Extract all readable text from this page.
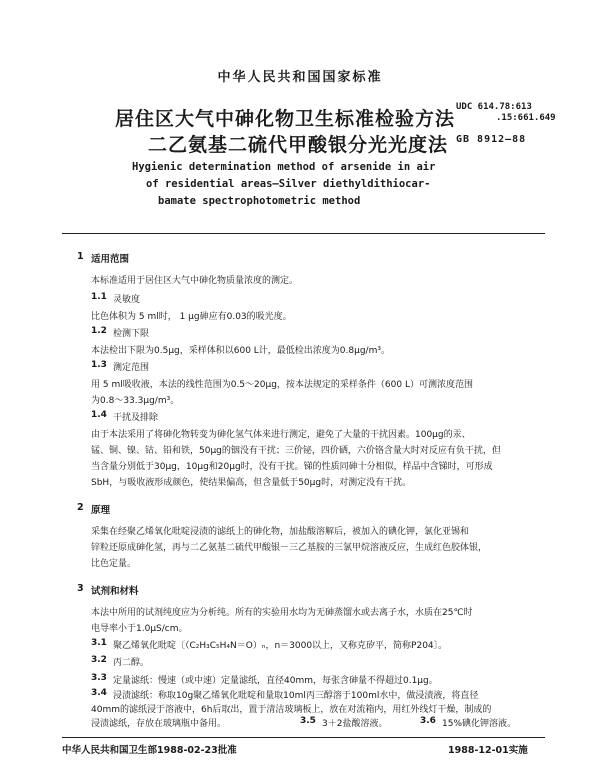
中华人民共和国国家标准
居住区大气中砷化物卫生标准检验方法
二乙氨基二硫代甲酸银分光光度法
UDC 614.78:613
.15:661.649
GB 8912—88
Hygienic determination method of arsenide in air
of residential areas—Silver diethyldithiocar-
bamate spectrophotometric method
1 适用范围
本标准适用于居住区大气中砷化物质量浓度的测定。
1.1 灵敏度
比色体积为 5 ml时， 1 μg砷应有0.03的吸光度。
1.2 检测下限
本法检出下限为0.5μg，采样体积以600 L计，最低检出浓度为0.8μg/m³。
1.3 测定范围
用 5 ml吸收液，本法的线性范围为0.5～20μg，按本法规定的采样条件（600 L）可测浓度范围
为0.8～33.3μg/m³。
1.4 干扰及排除
由于本法采用了将砷化物转变为砷化氢气体来进行测定，避免了大量的干扰因素。100μg的汞、
锰、铜、镍、钴、铅和铁，50μg的铟没有干扰；三价铋，四价硒，六价铬含量大时对反应有负干扰，但
当含量分别低于30μg，10μg和20μg时，没有干扰。锑的性质同砷十分相似，样品中含锑时，可形成
SbH，与吸收液形成颜色，使结果偏高，但含量低于50μg时，对测定没有干扰。
2 原理
采集在经聚乙烯氧化吡啶浸渍的滤纸上的砷化物，加盐酸溶解后，被加入的碘化钾，氯化亚锡和
锌粒还原成砷化氢，再与二乙氨基二硫代甲酸银－三乙基胺的三氯甲烷溶液反应，生成红色胶体银，
比色定量。
3 试剂和材料
本法中所用的试剂纯度应为分析纯。所有的实验用水均为无砷蒸馏水或去离子水，水质在25℃时
电导率小于1.0μS/cm。
3.1 聚乙烯氧化吡啶〔（C₂H₃C₅H₄N＝O）ₙ，n＝3000以上，又称克矽平，简称P204〕。
3.2 丙二醇。
3.3 定量滤纸：慢速（或中速）定量滤纸，直径40mm，每张含砷量不得超过0.1μg。
3.4 浸渍滤纸：称取10g聚乙烯氧化吡啶和量取10ml丙三醇溶于100ml水中，做浸渍液，将直径
40mm的滤纸浸于溶液中，6h后取出，置于清洁玻璃板上，放在对流箱内，用红外线灯干燥，制成的
浸渍滤纸，存放在玻璃瓶中备用。
中华人民共和国卫生部1988-02-23批准	1988-12-01实施
3.5 3＋2盐酸溶液。	3.6 15%碘化钾溶液。
